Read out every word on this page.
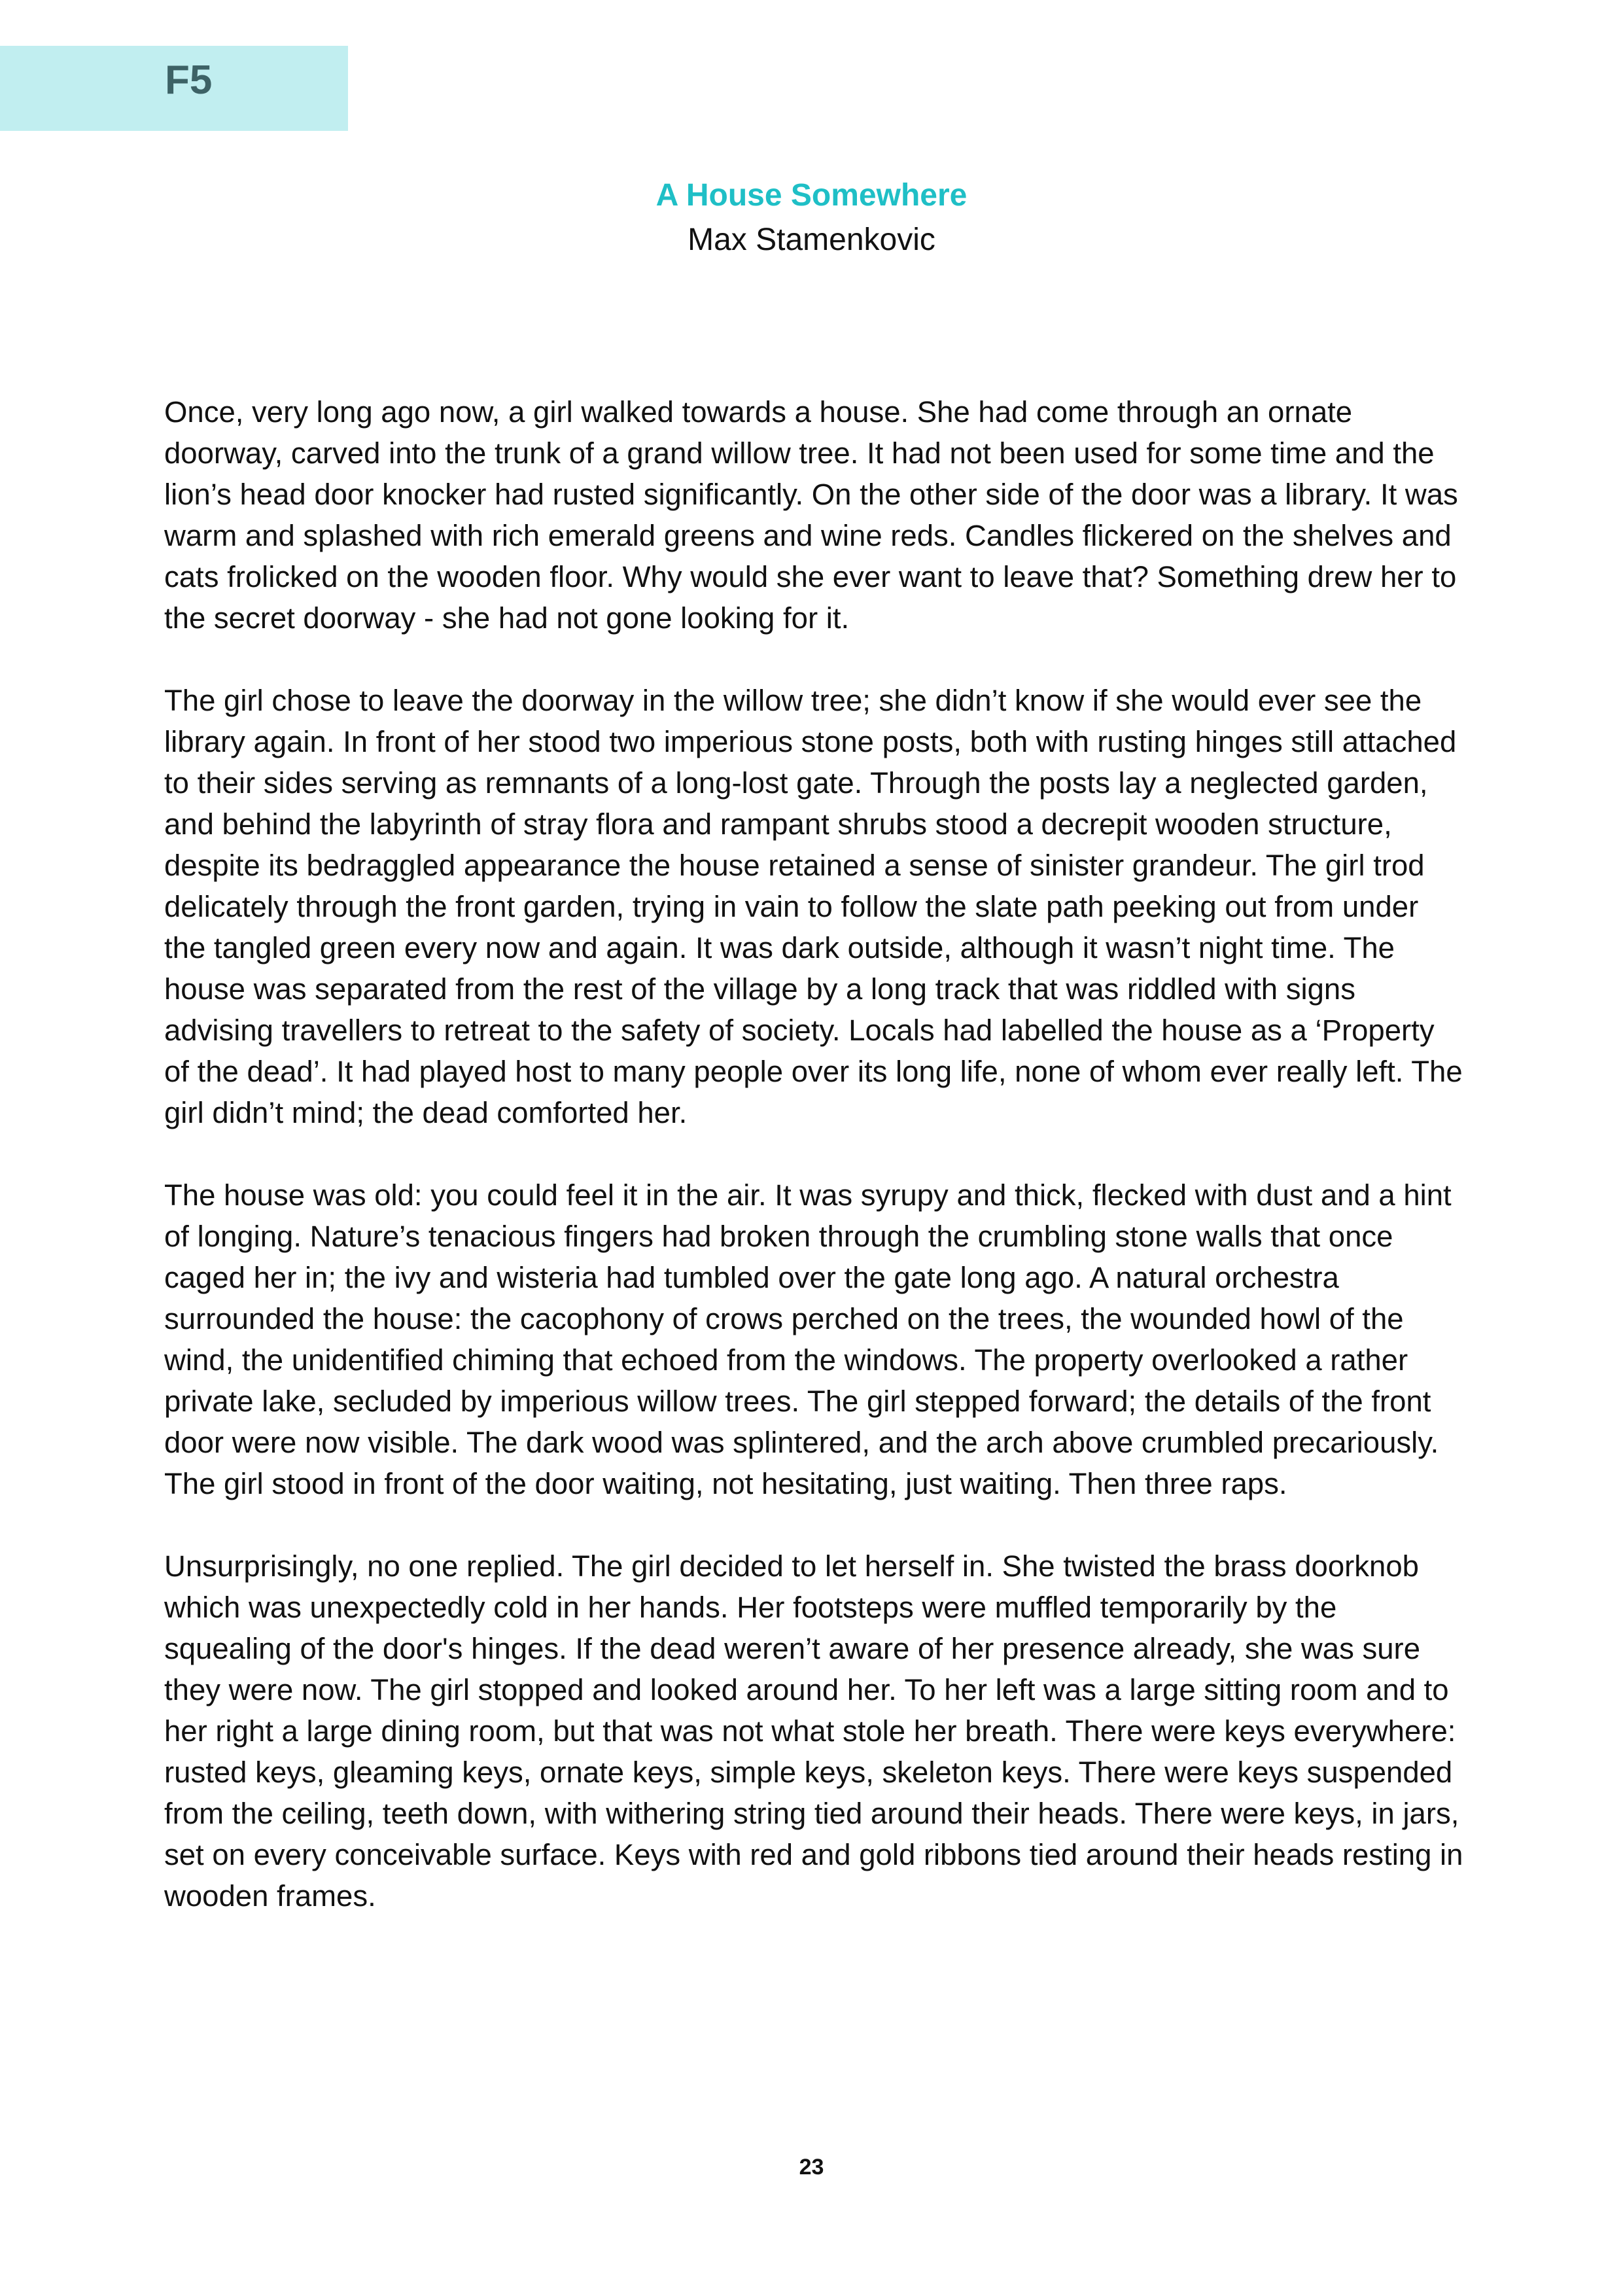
F5
A House Somewhere
Max Stamenkovic

Once, very long ago now, a girl walked towards a house. She had come through an ornate doorway, carved into the trunk of a grand willow tree. It had not been used for some time and the lion’s head door knocker had rusted significantly. On the other side of the door was a library. It was warm and splashed with rich emerald greens and wine reds. Candles flickered on the shelves and cats frolicked on the wooden floor. Why would she ever want to leave that? Something drew her to the secret doorway - she had not gone looking for it.

The girl chose to leave the doorway in the willow tree; she didn’t know if she would ever see the library again. In front of her stood two imperious stone posts, both with rusting hinges still attached to their sides serving as remnants of a long-lost gate. Through the posts lay a neglected garden, and behind the labyrinth of stray flora and rampant shrubs stood a decrepit wooden structure, despite its bedraggled appearance the house retained a sense of sinister grandeur. The girl trod delicately through the front garden, trying in vain to follow the slate path peeking out from under the tangled green every now and again. It was dark outside, although it wasn’t night time. The house was separated from the rest of the village by a long track that was riddled with signs advising travellers to retreat to the safety of society. Locals had labelled the house as a ‘Property of the dead’. It had played host to many people over its long life, none of whom ever really left. The girl didn’t mind; the dead comforted her.

The house was old: you could feel it in the air. It was syrupy and thick, flecked with dust and a hint of longing. Nature’s tenacious fingers had broken through the crumbling stone walls that once caged her in; the ivy and wisteria had tumbled over the gate long ago. A natural orchestra surrounded the house: the cacophony of crows perched on the trees, the wounded howl of the wind, the unidentified chiming that echoed from the windows. The property overlooked a rather private lake, secluded by imperious willow trees. The girl stepped forward; the details of the front door were now visible. The dark wood was splintered, and the arch above crumbled precariously. The girl stood in front of the door waiting, not hesitating, just waiting. Then three raps.

Unsurprisingly, no one replied. The girl decided to let herself in. She twisted the brass doorknob which was unexpectedly cold in her hands. Her footsteps were muffled temporarily by the squealing of the door's hinges. If the dead weren’t aware of her presence already, she was sure they were now. The girl stopped and looked around her. To her left was a large sitting room and to her right a large dining room, but that was not what stole her breath. There were keys everywhere: rusted keys, gleaming keys, ornate keys, simple keys, skeleton keys. There were keys suspended from the ceiling, teeth down, with withering string tied around their heads. There were keys, in jars, set on every conceivable surface. Keys with red and gold ribbons tied around their heads resting in wooden frames.

23
